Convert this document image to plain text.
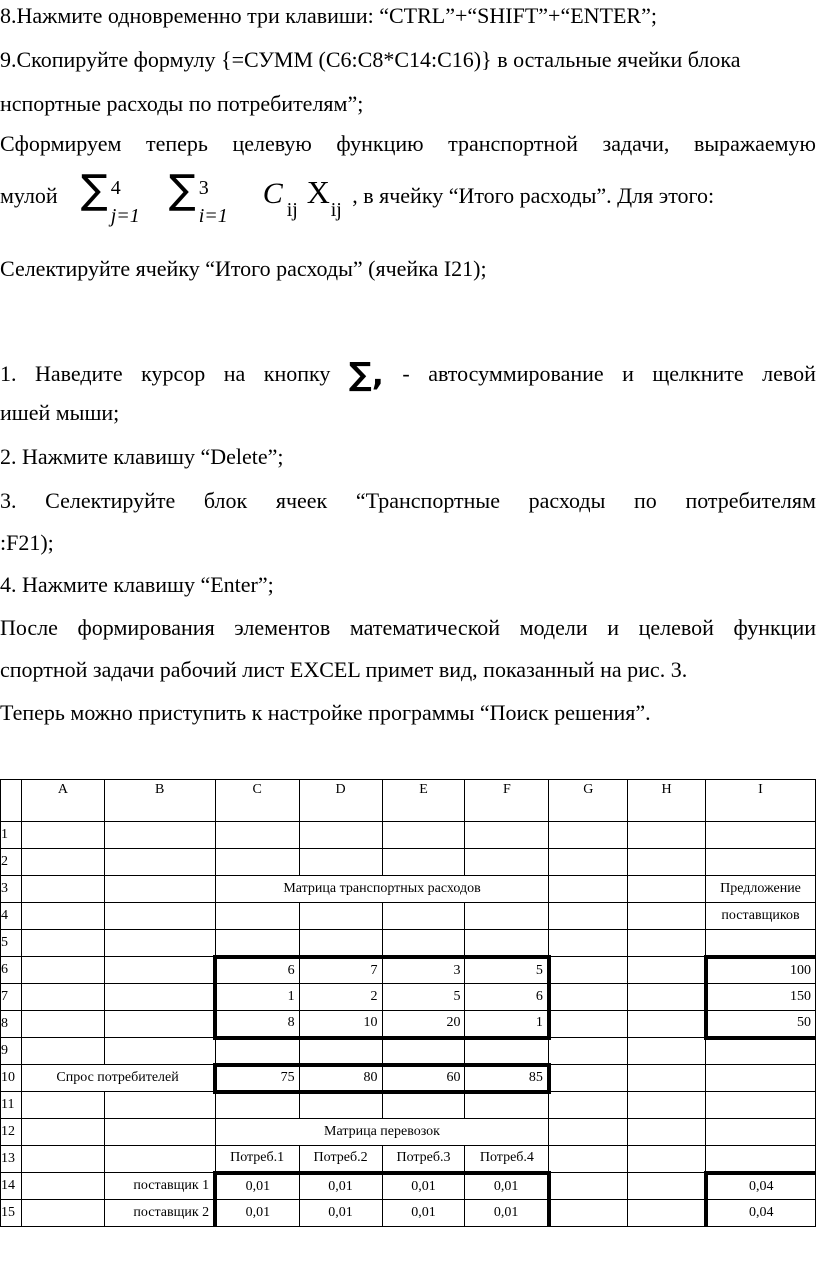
8.Нажмите одновременно три клавиши: “CTRL”+“SHIFT”+“ENTER”;
9.Скопируйте формулу {=СУММ (C6:C8*C14:C16)} в остальные ячейки блока
нспортные расходы по потребителям”;
Сформируем теперь целевую функцию транспортной задачи, выражаемую
мулой ∑ 4
j=1
∑ 3
i=1
C ij X ij
, в ячейку “Итого расходы”. Для этого:
Селектируйте ячейку “Итого расходы” (ячейка I21);
1. Наведите курсор на кнопку ∑, - автосуммирование и щелкните левой
ишей мыши;
2. Нажмите клавишу “Delete”;
3. Селектируйте блок ячеек “Транспортные расходы по потребителям
:F21);
4. Нажмите клавишу “Enter”;
После формирования элементов математической модели и целевой функции
спортной задачи рабочий лист EXCEL примет вид, показанный на рис. 3.
Теперь можно приступить к настройке программы “Поиск решения”.
	A	B	C	D	E	F	G	H	I
1									
2									
3			Матрица транспортных расходов						Предложение
4									поставщиков
5									
6			6	7	3	5			100
7			1	2	5	6			150
8			8	10	20	1			50
9									
10	Спрос потребителей		75	80	60	85			
11									
12			Матрица перевозок						
13			Потреб.1	Потреб.2	Потреб.3	Потреб.4			
14		поставщик 1	0,01	0,01	0,01	0,01			0,04
15		поставщик 2	0,01	0,01	0,01	0,01			0,04
